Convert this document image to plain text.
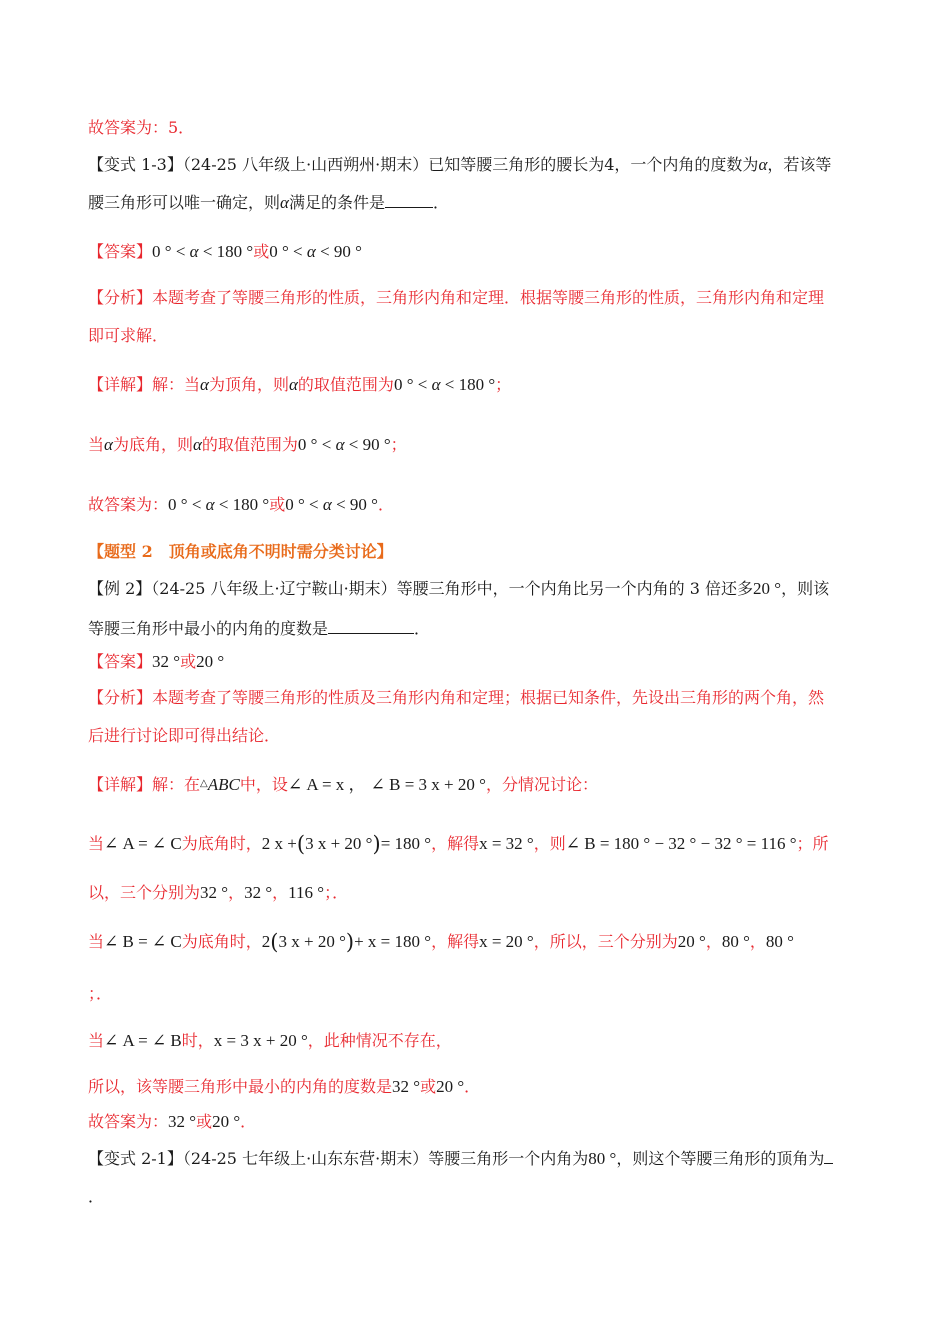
故答案为：5．
【变式 1-3】（24-25 八年级上·山西朔州·期末）已知等腰三角形的腰长为4，一个内角的度数为α，若该等
腰三角形可以唯一确定，则α满足的条件是	．
【答案】0 ° < α < 180 °或0 ° < α < 90 °
【分析】本题考查了等腰三角形的性质，三角形内角和定理．根据等腰三角形的性质，三角形内角和定理
即可求解．
【详解】解：当α为顶角，则α的取值范围为0 ° < α < 180 °；
当α为底角，则α的取值范围为0 ° < α < 90 °；
故答案为：0 ° < α < 180 °或0 ° < α < 90 °．
【题型 2　顶角或底角不明时需分类讨论】
【例 2】（24-25 八年级上·辽宁鞍山·期末）等腰三角形中，一个内角比另一个内角的 3 倍还多20 °，则该
等腰三角形中最小的内角的度数是	．
【答案】32 °或20 °
【分析】本题考查了等腰三角形的性质及三角形内角和定理；根据已知条件，先设出三角形的两个角，然
后进行讨论即可得出结论．
【详解】解：在△ABC中，设∠ A = x ， ∠ B = 3 x + 20 °，分情况讨论：
当∠ A = ∠ C为底角时，2 x +(3 x + 20 °)= 180 °，解得x = 32 °，则∠ B = 180 ° − 32 ° − 32 ° = 116 °；所
以，三个分别为32 °，32 °，116 °；．
当∠ B = ∠ C为底角时，2(3 x + 20 °)+ x = 180 °，解得x = 20 °，所以，三个分别为20 °，80 °，80 °
；．
当∠ A = ∠ B时，x = 3 x + 20 °，此种情况不存在，
所以，该等腰三角形中最小的内角的度数是32 °或20 °．
故答案为：32 °或20 °．
【变式 2-1】（24-25 七年级上·山东东营·期末）等腰三角形一个内角为80 °，则这个等腰三角形的顶角为
．
